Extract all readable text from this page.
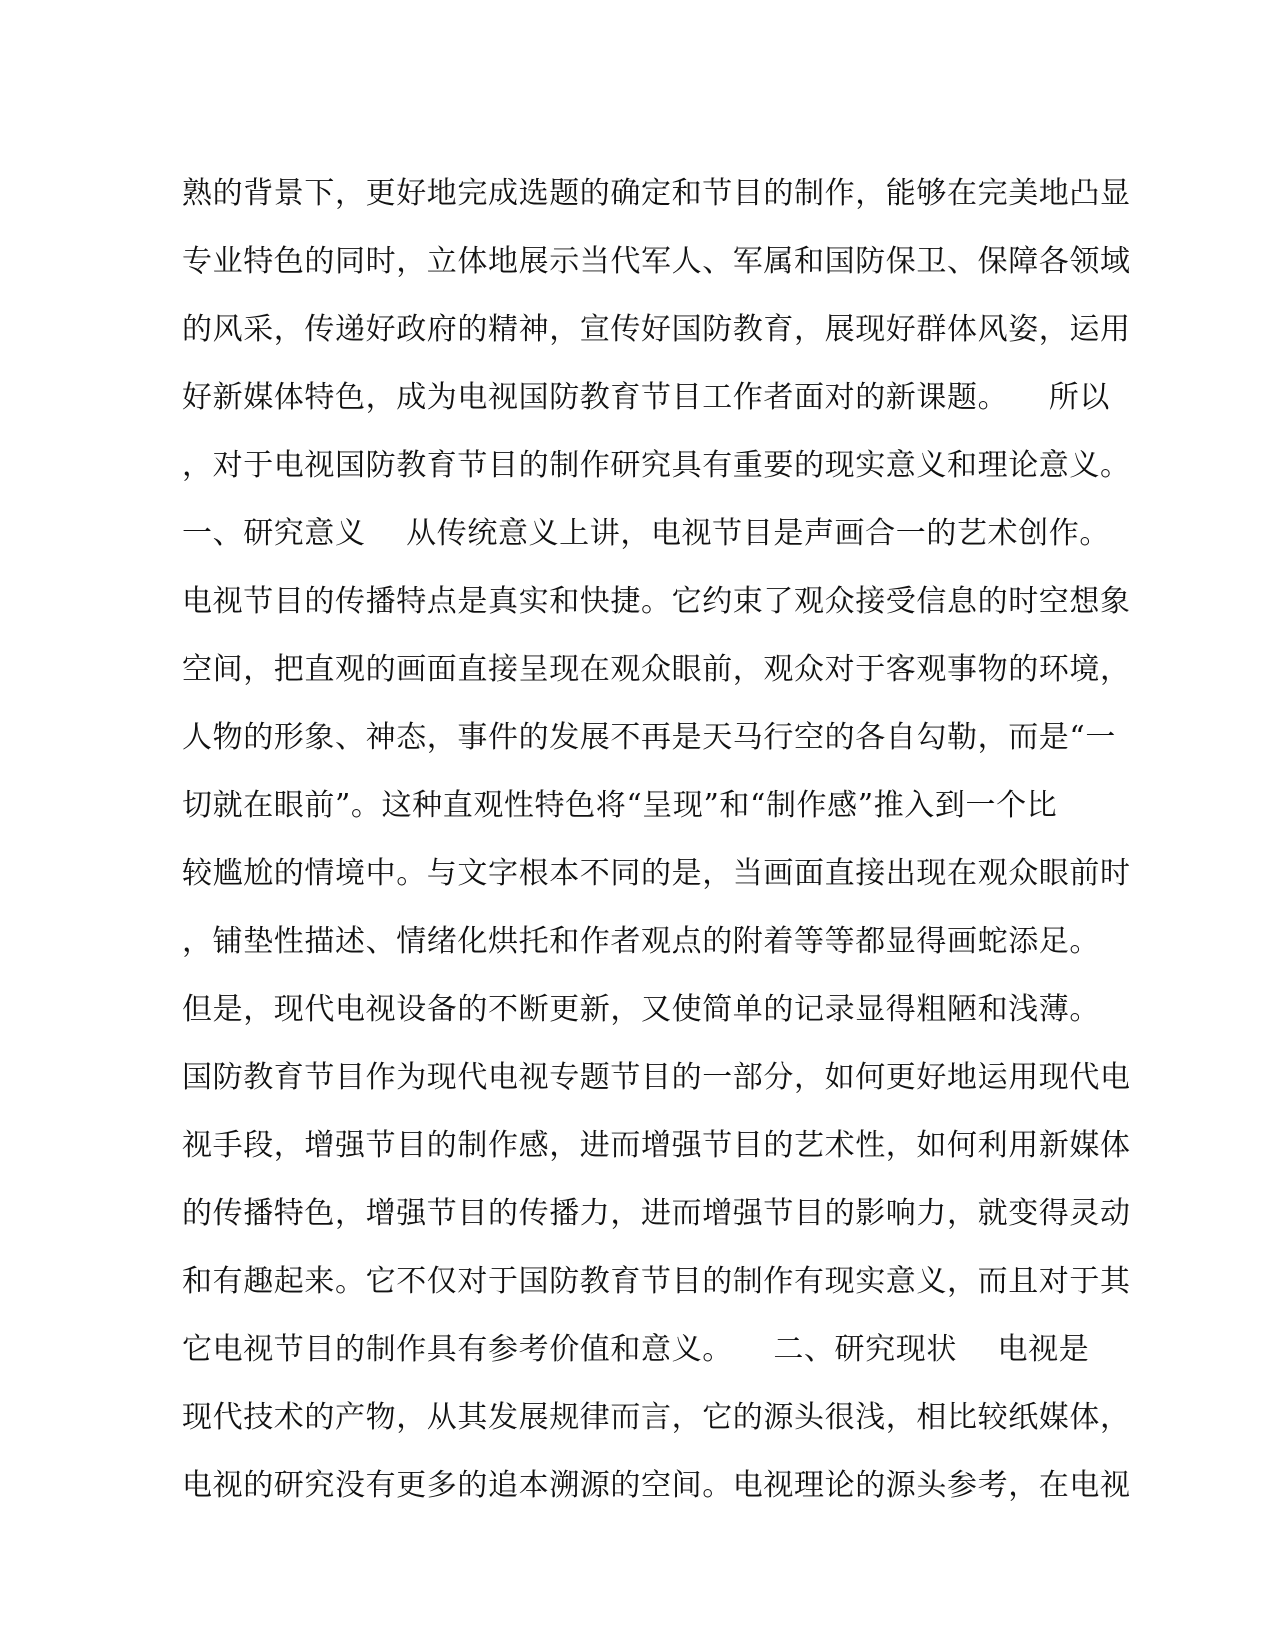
熟的背景下，更好地完成选题的确定和节目的制作，能够在完美地凸显
专业特色的同时，立体地展示当代军人、军属和国防保卫、保障各领域
的风采，传递好政府的精神，宣传好国防教育，展现好群体风姿，运用
好新媒体特色，成为电视国防教育节目工作者面对的新课题。    所以
，对于电视国防教育节目的制作研究具有重要的现实意义和理论意义。
一、研究意义    从传统意义上讲，电视节目是声画合一的艺术创作。
电视节目的传播特点是真实和快捷。它约束了观众接受信息的时空想象
空间，把直观的画面直接呈现在观众眼前，观众对于客观事物的环境，
人物的形象、神态，事件的发展不再是天马行空的各自勾勒，而是“一
切就在眼前”。这种直观性特色将“呈现”和“制作感”推入到一个比
较尴尬的情境中。与文字根本不同的是，当画面直接出现在观众眼前时
，铺垫性描述、情绪化烘托和作者观点的附着等等都显得画蛇添足。
但是，现代电视设备的不断更新，又使简单的记录显得粗陋和浅薄。
国防教育节目作为现代电视专题节目的一部分，如何更好地运用现代电
视手段，增强节目的制作感，进而增强节目的艺术性，如何利用新媒体
的传播特色，增强节目的传播力，进而增强节目的影响力，就变得灵动
和有趣起来。它不仅对于国防教育节目的制作有现实意义，而且对于其
它电视节目的制作具有参考价值和意义。    二、研究现状    电视是
现代技术的产物，从其发展规律而言，它的源头很浅，相比较纸媒体，
电视的研究没有更多的追本溯源的空间。电视理论的源头参考，在电视
